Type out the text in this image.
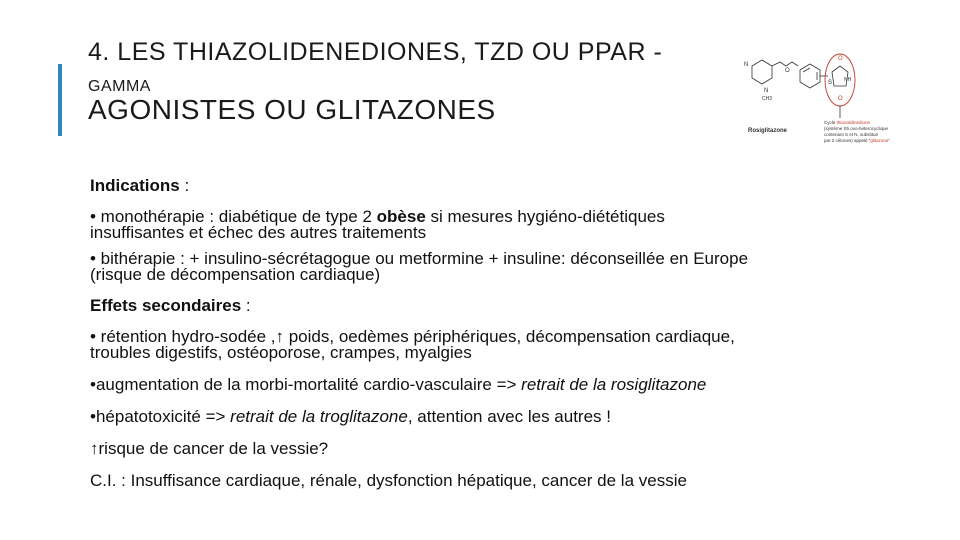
4. LES THIAZOLIDENEDIONES, TZD OU PPAR -
GAMMA
AGONISTES OU GLITAZONES
N
N
CH3
O
O
S NH
O
Rosiglitazone
Cycle thiazolidinedione
(système S5 oxo-heterocyclique
contenant S et N, substitué
par 2 cétones) appelé "glitazone"

Indications :

• monothérapie : diabétique de type 2 obèse si mesures hygiéno-diététiques

insuffisantes et échec des autres traitements

• bithérapie : + insulino-sécrétagogue ou metformine + insuline: déconseillée en Europe

(risque de décompensation cardiaque)

Effets secondaires :

• rétention hydro-sodée ,↑ poids, oedèmes périphériques, décompensation cardiaque,

troubles digestifs, ostéoporose, crampes, myalgies

•augmentation de la morbi-mortalité cardio-vasculaire => retrait de la rosiglitazone

•hépatotoxicité => retrait de la troglitazone, attention avec les autres !

↑risque de cancer de la vessie?

C.I. : Insuffisance cardiaque, rénale, dysfonction hépatique, cancer de la vessie
